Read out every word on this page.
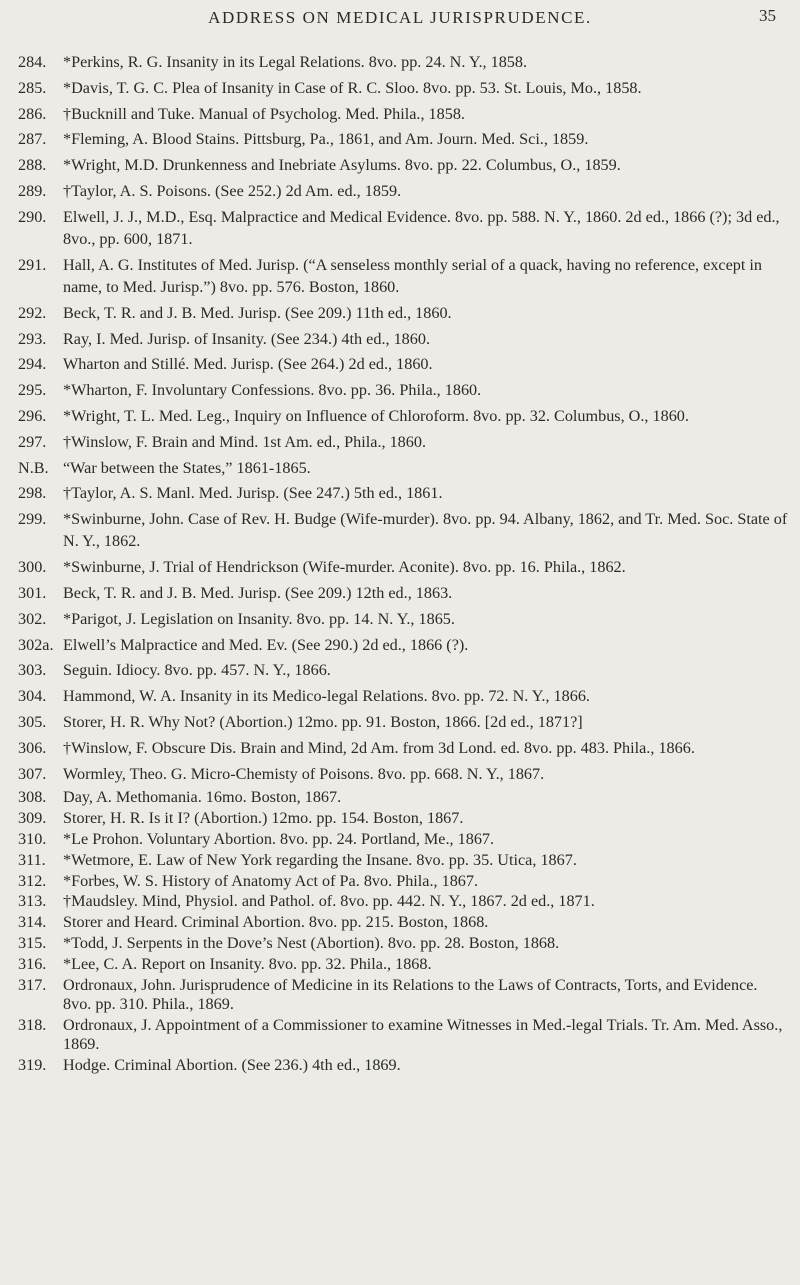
ADDRESS ON MEDICAL JURISPRUDENCE.	35
284.	*Perkins, R. G. Insanity in its Legal Relations. 8vo. pp. 24. N. Y., 1858.
285.	*Davis, T. G. C. Plea of Insanity in Case of R. C. Sloo. 8vo. pp. 53. St. Louis, Mo., 1858.
286.	†Bucknill and Tuke. Manual of Psycholog. Med. Phila., 1858.
287.	*Fleming, A. Blood Stains. Pittsburg, Pa., 1861, and Am. Journ. Med. Sci., 1859.
288.	*Wright, M.D. Drunkenness and Inebriate Asylums. 8vo. pp. 22. Columbus, O., 1859.
289.	†Taylor, A. S. Poisons. (See 252.) 2d Am. ed., 1859.
290.	Elwell, J. J., M.D., Esq. Malpractice and Medical Evidence. 8vo. pp. 588. N. Y., 1860. 2d ed., 1866 (?); 3d ed., 8vo., pp. 600, 1871.
291.	Hall, A. G. Institutes of Med. Jurisp. (“A senseless monthly serial of a quack, having no reference, except in name, to Med. Jurisp.”) 8vo. pp. 576. Boston, 1860.
292.	Beck, T. R. and J. B. Med. Jurisp. (See 209.) 11th ed., 1860.
293.	Ray, I. Med. Jurisp. of Insanity. (See 234.) 4th ed., 1860.
294.	Wharton and Stillé. Med. Jurisp. (See 264.) 2d ed., 1860.
295.	*Wharton, F. Involuntary Confessions. 8vo. pp. 36. Phila., 1860.
296.	*Wright, T. L. Med. Leg., Inquiry on Influence of Chloroform. 8vo. pp. 32. Columbus, O., 1860.
297.	†Winslow, F. Brain and Mind. 1st Am. ed., Phila., 1860.
N.B. “War between the States,” 1861-1865.
298.	†Taylor, A. S. Manl. Med. Jurisp. (See 247.) 5th ed., 1861.
299.	*Swinburne, John. Case of Rev. H. Budge (Wife-murder). 8vo. pp. 94. Albany, 1862, and Tr. Med. Soc. State of N. Y., 1862.
300.	*Swinburne, J. Trial of Hendrickson (Wife-murder. Aconite). 8vo. pp. 16. Phila., 1862.
301.	Beck, T. R. and J. B. Med. Jurisp. (See 209.) 12th ed., 1863.
302.	*Parigot, J. Legislation on Insanity. 8vo. pp. 14. N. Y., 1865.
302a. Elwell’s Malpractice and Med. Ev. (See 290.) 2d ed., 1866 (?).
303.	Seguin. Idiocy. 8vo. pp. 457. N. Y., 1866.
304.	Hammond, W. A. Insanity in its Medico-legal Relations. 8vo. pp. 72. N. Y., 1866.
305.	Storer, H. R. Why Not? (Abortion.) 12mo. pp. 91. Boston, 1866. [2d ed., 1871?]
306.	†Winslow, F. Obscure Dis. Brain and Mind, 2d Am. from 3d Lond. ed. 8vo. pp. 483. Phila., 1866.
307.	Wormley, Theo. G. Micro-Chemisty of Poisons. 8vo. pp. 668. N. Y., 1867.
308.	Day, A. Methomania. 16mo. Boston, 1867.
309.	Storer, H. R. Is it I? (Abortion.) 12mo. pp. 154. Boston, 1867.
310.	*Le Prohon. Voluntary Abortion. 8vo. pp. 24. Portland, Me., 1867.
311.	*Wetmore, E. Law of New York regarding the Insane. 8vo. pp. 35. Utica, 1867.
312.	*Forbes, W. S. History of Anatomy Act of Pa. 8vo. Phila., 1867.
313.	†Maudsley. Mind, Physiol. and Pathol. of. 8vo. pp. 442. N. Y., 1867. 2d ed., 1871.
314.	Storer and Heard. Criminal Abortion. 8vo. pp. 215. Boston, 1868.
315.	*Todd, J. Serpents in the Dove’s Nest (Abortion). 8vo. pp. 28. Boston, 1868.
316.	*Lee, C. A. Report on Insanity. 8vo. pp. 32. Phila., 1868.
317.	Ordronaux, John. Jurisprudence of Medicine in its Relations to the Laws of Contracts, Torts, and Evidence. 8vo. pp. 310. Phila., 1869.
318.	Ordronaux, J. Appointment of a Commissioner to examine Witnesses in Med.-legal Trials. Tr. Am. Med. Asso., 1869.
319.	Hodge. Criminal Abortion. (See 236.) 4th ed., 1869.
